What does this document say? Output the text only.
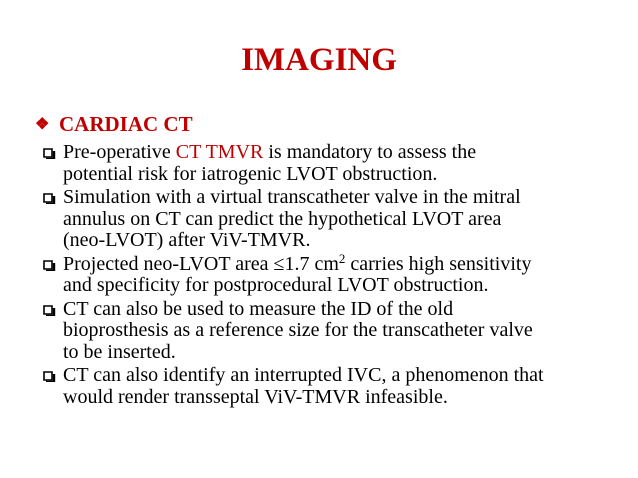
IMAGING
❖ CARDIAC CT
Pre-operative CT TMVR is mandatory to assess the
potential risk for iatrogenic LVOT obstruction.
Simulation with a virtual transcatheter valve in the mitral
annulus on CT can predict the hypothetical LVOT area
(neo-LVOT) after ViV-TMVR.
Projected neo-LVOT area ≤1.7 $cm^2$ carries high sensitivity
and specificity for postprocedural LVOT obstruction.
CT can also be used to measure the ID of the old
bioprosthesis as a reference size for the transcatheter valve
to be inserted.
CT can also identify an interrupted IVC, a phenomenon that
would render transseptal ViV-TMVR infeasible.
